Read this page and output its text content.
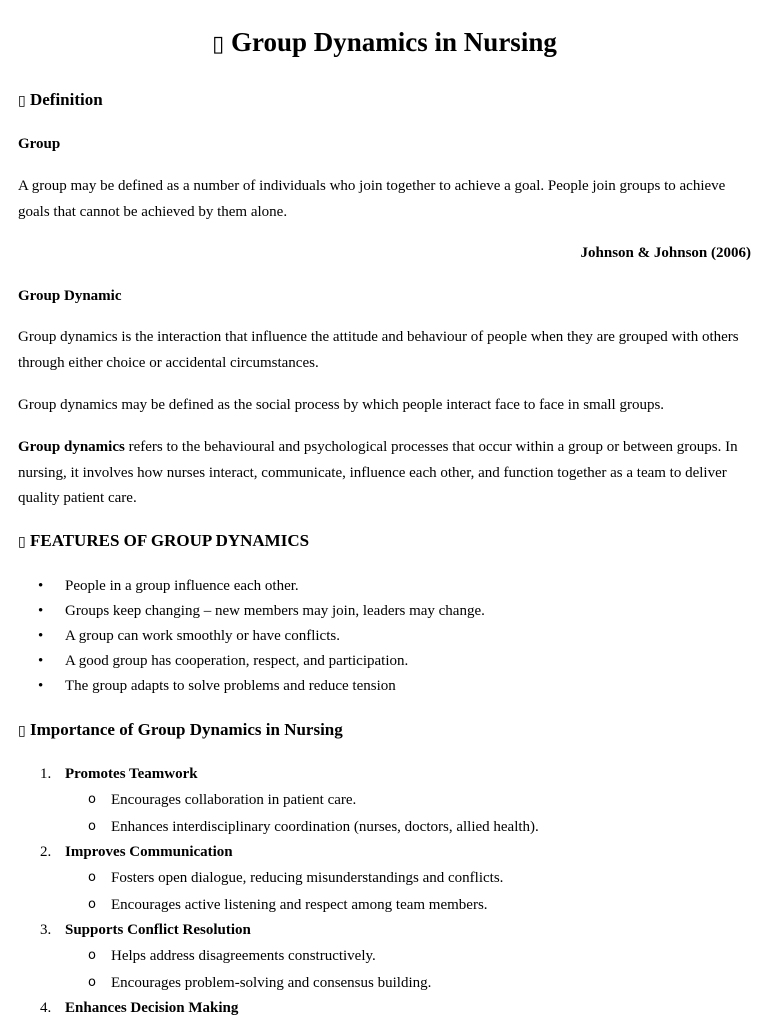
▯ Group Dynamics in Nursing
▯ Definition
Group

A group may be defined as a number of individuals who join together to achieve a goal. People join groups to achieve goals that cannot be achieved by them alone.

Johnson & Johnson (2006)

Group Dynamic

Group dynamics is the interaction that influence the attitude and behaviour of people when they are grouped with others through either choice or accidental circumstances.

Group dynamics may be defined as the social process by which people interact face to face in small groups.

Group dynamics refers to the behavioural and psychological processes that occur within a group or between groups. In nursing, it involves how nurses interact, communicate, influence each other, and function together as a team to deliver quality patient care.

▯ FEATURES OF GROUP DYNAMICS
• People in a group influence each other.
• Groups keep changing – new members may join, leaders may change.
• A group can work smoothly or have conflicts.
• A good group has cooperation, respect, and participation.
• The group adapts to solve problems and reduce tension
▯ Importance of Group Dynamics in Nursing
1. Promotes Teamwork
o Encourages collaboration in patient care.
o Enhances interdisciplinary coordination (nurses, doctors, allied health).
2. Improves Communication
o Fosters open dialogue, reducing misunderstandings and conflicts.
o Encourages active listening and respect among team members.
3. Supports Conflict Resolution
o Helps address disagreements constructively.
o Encourages problem-solving and consensus building.
4. Enhances Decision Making
